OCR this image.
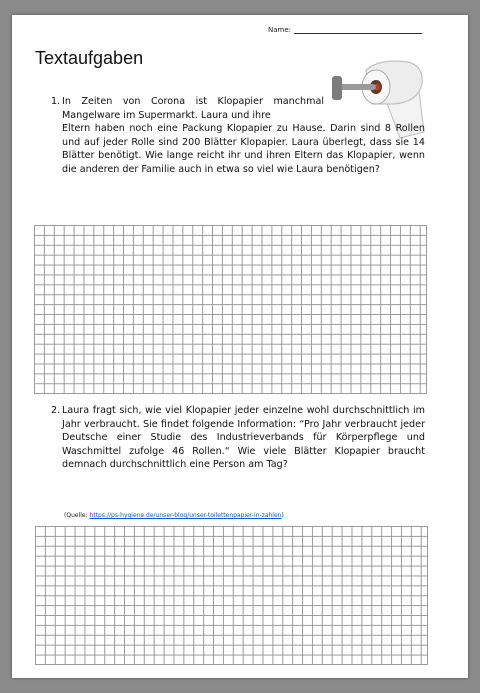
Name:
Textaufgaben
1. In Zeiten von Corona ist Klopapier manchmal Mangelware im Supermarkt. Laura und ihre
Eltern haben noch eine Packung Klopapier zu Hause. Darin sind 8 Rollen und auf jeder Rolle sind 200 Blätter Klopapier. Laura überlegt, dass sie 14 Blätter benötigt. Wie lange reicht ihr und ihren Eltern das Klopapier, wenn die anderen der Familie auch in etwa so viel wie Laura benötigen?
2. Laura fragt sich, wie viel Klopapier jeder einzelne wohl durchschnittlich im Jahr verbraucht. Sie findet folgende Information: “Pro Jahr verbraucht jeder Deutsche einer Studie des Industrieverbands für Körperpflege und Waschmittel zufolge 46 Rollen.“ Wie viele Blätter Klopapier braucht demnach durchschnittlich eine Person am Tag?
(Quelle: https://ps-hygiene.de/unser-blog/unser-toilettenpapier-in-zahlen)
